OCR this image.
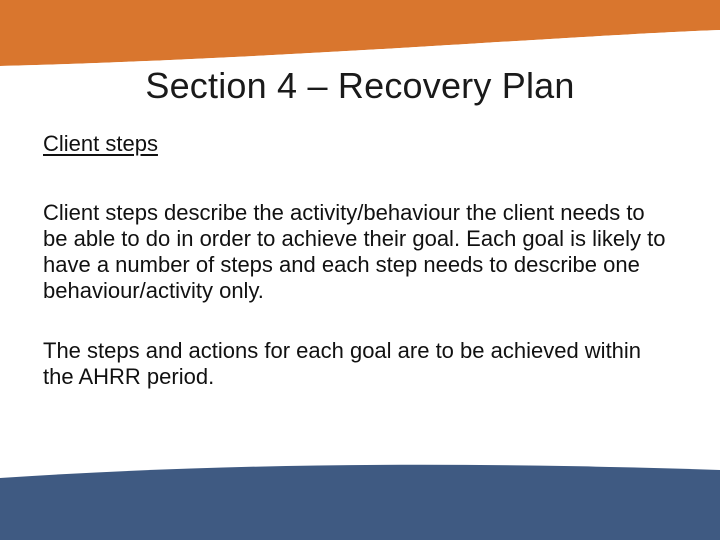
Section 4 – Recovery Plan

Client steps

Client steps describe the activity/behaviour the client needs to be able to do in order to achieve their goal. Each goal is likely to have a number of steps and each step needs to describe one behaviour/activity only.

The steps and actions for each goal are to be achieved within the AHRR period.
